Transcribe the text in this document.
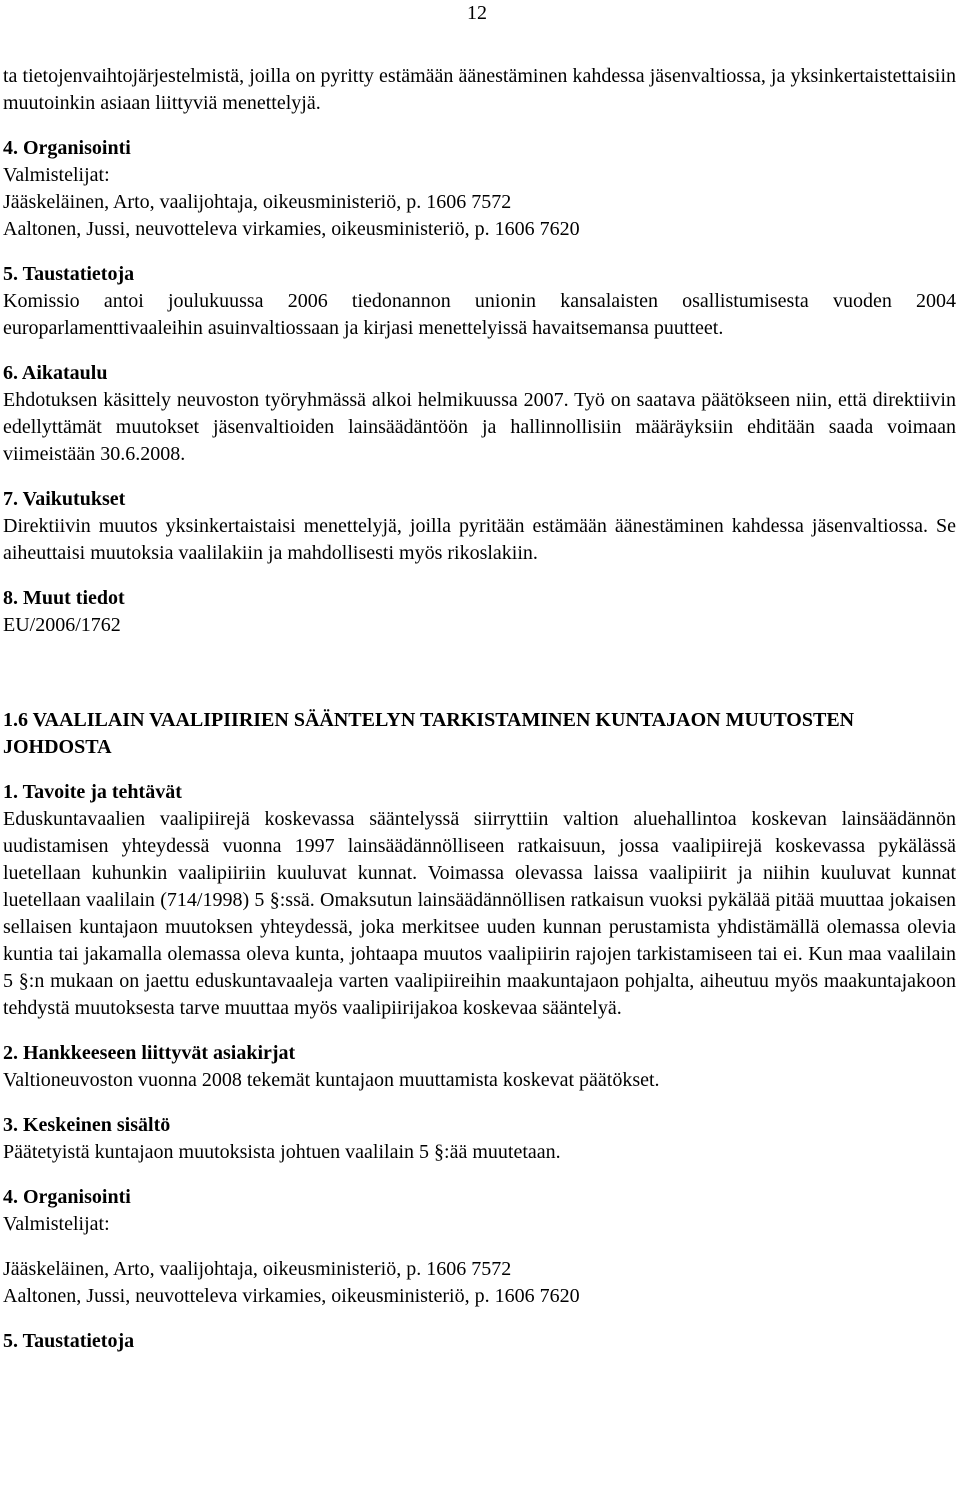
12

ta tietojenvaihtojärjestelmistä, joilla on pyritty estämään äänestäminen kahdessa jäsenvaltiossa, ja yksinkertaistettaisiin muutoinkin asiaan liittyviä menettelyjä.

4. Organisointi

Valmistelijat:

Jääskeläinen, Arto, vaalijohtaja, oikeusministeriö, p. 1606 7572

Aaltonen, Jussi, neuvotteleva virkamies, oikeusministeriö, p. 1606 7620

5. Taustatietoja

Komissio antoi joulukuussa 2006 tiedonannon unionin kansalaisten osallistumisesta vuoden 2004 europarlamenttivaaleihin asuinvaltiossaan ja kirjasi menettelyissä havaitsemansa puutteet.

6. Aikataulu

Ehdotuksen käsittely neuvoston työryhmässä alkoi helmikuussa 2007. Työ on saatava päätökseen niin, että direktiivin edellyttämät muutokset jäsenvaltioiden lainsäädäntöön ja hallinnollisiin määräyksiin ehditään saada voimaan viimeistään 30.6.2008.

7. Vaikutukset

Direktiivin muutos yksinkertaistaisi menettelyjä, joilla pyritään estämään äänestäminen kahdessa jäsenvaltiossa. Se aiheuttaisi muutoksia vaalilakiin ja mahdollisesti myös rikoslakiin.

8. Muut tiedot

EU/2006/1762

1.6 VAALILAIN VAALIPIIRIEN SÄÄNTELYN TARKISTAMINEN KUNTAJAON MUUTOSTEN JOHDOSTA

1. Tavoite ja tehtävät

Eduskuntavaalien vaalipiirejä koskevassa sääntelyssä siirryttiin valtion aluehallintoa koskevan lainsäädännön uudistamisen yhteydessä vuonna 1997 lainsäädännölliseen ratkaisuun, jossa vaalipiirejä koskevassa pykälässä luetellaan kuhunkin vaalipiiriin kuuluvat kunnat. Voimassa olevassa laissa vaalipiirit ja niihin kuuluvat kunnat luetellaan vaalilain (714/1998) 5 §:ssä. Omaksutun lainsäädännöllisen ratkaisun vuoksi pykälää pitää muuttaa jokaisen sellaisen kuntajaon muutoksen yhteydessä, joka merkitsee uuden kunnan perustamista yhdistämällä olemassa olevia kuntia tai jakamalla olemassa oleva kunta, johtaapa muutos vaalipiirin rajojen tarkistamiseen tai ei. Kun maa vaalilain 5 §:n mukaan on jaettu eduskuntavaaleja varten vaalipiireihin maakuntajaon pohjalta, aiheutuu myös maakuntajakoon tehdystä muutoksesta tarve muuttaa myös vaalipiirijakoa koskevaa sääntelyä.

2. Hankkeeseen liittyvät asiakirjat

Valtioneuvoston vuonna 2008 tekemät kuntajaon muuttamista koskevat päätökset.

3. Keskeinen sisältö

Päätetyistä kuntajaon muutoksista johtuen vaalilain 5 §:ää muutetaan.

4. Organisointi

Valmistelijat:

Jääskeläinen, Arto, vaalijohtaja, oikeusministeriö, p. 1606 7572

Aaltonen, Jussi, neuvotteleva virkamies, oikeusministeriö, p. 1606 7620

5. Taustatietoja
